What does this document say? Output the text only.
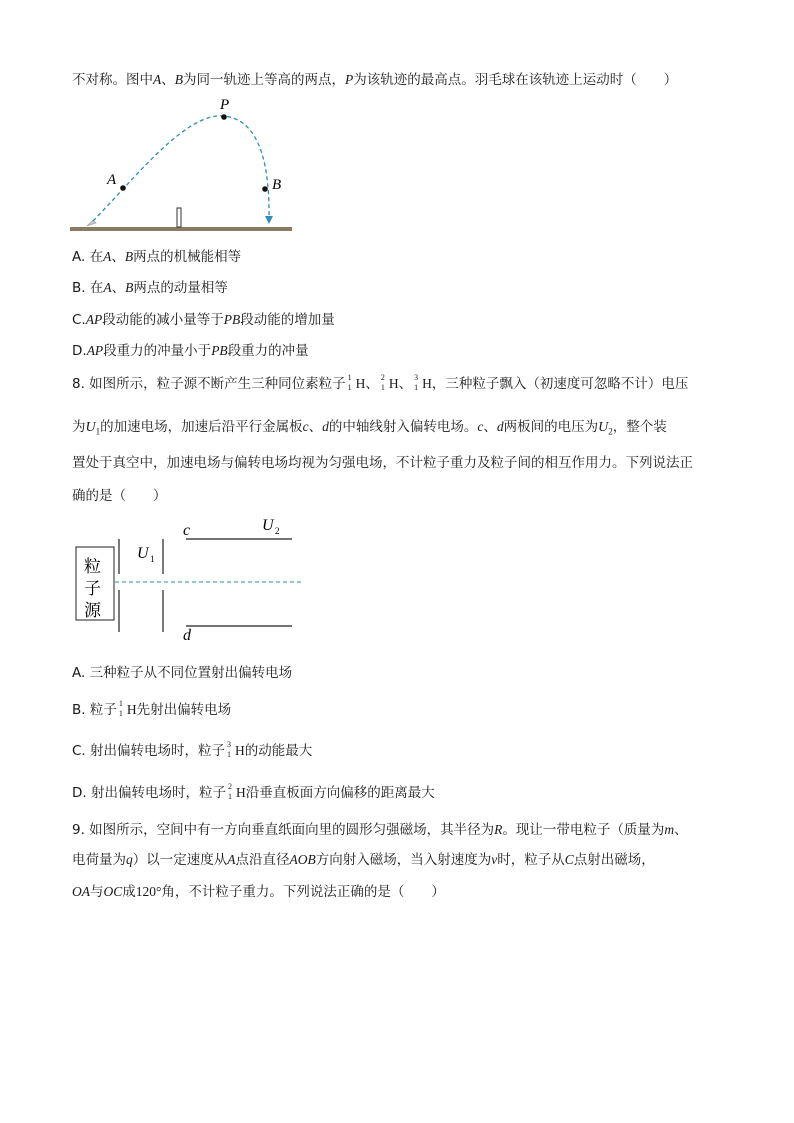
不对称。图中A、B为同一轨迹上等高的两点，P为该轨迹的最高点。羽毛球在该轨迹上运动时（　　）
A
P
B
A. 在A、B两点的机械能相等
B. 在A、B两点的动量相等
C.AP段动能的减小量等于PB段动能的增加量
D.AP段重力的冲量小于PB段重力的冲量
8. 如图所示，粒子源不断产生三种同位素粒子 1
1 H、 2
1 H、 3
1 H，三种粒子飘入（初速度可忽略不计）电压
为$U_1$的加速电场，加速后沿平行金属板c、d的中轴线射入偏转电场。c、d两板间的电压为$U_2$，整个装
置处于真空中，加速电场与偏转电场均视为匀强电场，不计粒子重力及粒子间的相互作用力。下列说法正
确的是（　　）
粒
子
源
U 1
c	U 2
d
A. 三种粒子从不同位置射出偏转电场
B. 粒子 1
1 H先射出偏转电场
C. 射出偏转电场时，粒子 3
1 H的动能最大
D. 射出偏转电场时，粒子 2
1 H沿垂直板面方向偏移的距离最大
9. 如图所示，空间中有一方向垂直纸面向里的圆形匀强磁场，其半径为R。现让一带电粒子（质量为m、
电荷量为q）以一定速度从A点沿直径AOB方向射入磁场，当入射速度为v时，粒子从C点射出磁场，
OA与OC成120°角，不计粒子重力。下列说法正确的是（　　）
